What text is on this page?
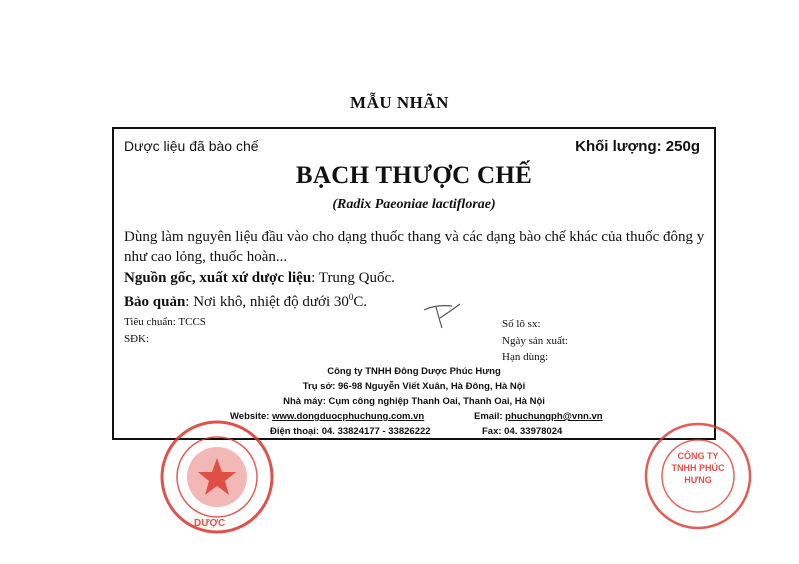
MẪU NHÃN
Dược liệu đã bào chế	Khối lượng: 250g
BẠCH THƯỢC CHẾ
(Radix Paeoniae lactiflorae)
Dùng làm nguyên liệu đầu vào cho dạng thuốc thang và các dạng bào chế khác của thuốc đông y như cao lỏng, thuốc hoàn...
Nguồn gốc, xuất xứ dược liệu: Trung Quốc.
Bảo quản: Nơi khô, nhiệt độ dưới $30^0C$.
Tiêu chuẩn: TCCS
SĐK:
Số lô sx:
Ngày sản xuất:
Hạn dùng:
Công ty TNHH Đông Dược Phúc Hưng
Trụ sở: 96-98 Nguyễn Viết Xuân, Hà Đông, Hà Nội
Nhà máy: Cụm công nghiệp Thanh Oai, Thanh Oai, Hà Nội
Website: www.dongduocphuchung.com.vn	Email: phuchungph@vnn.vn
Điện thoại: 04. 33824177 - 33826222	Fax: 04. 33978024
DƯỢC
CÔNG TY TNHH PHÚC HƯNG
